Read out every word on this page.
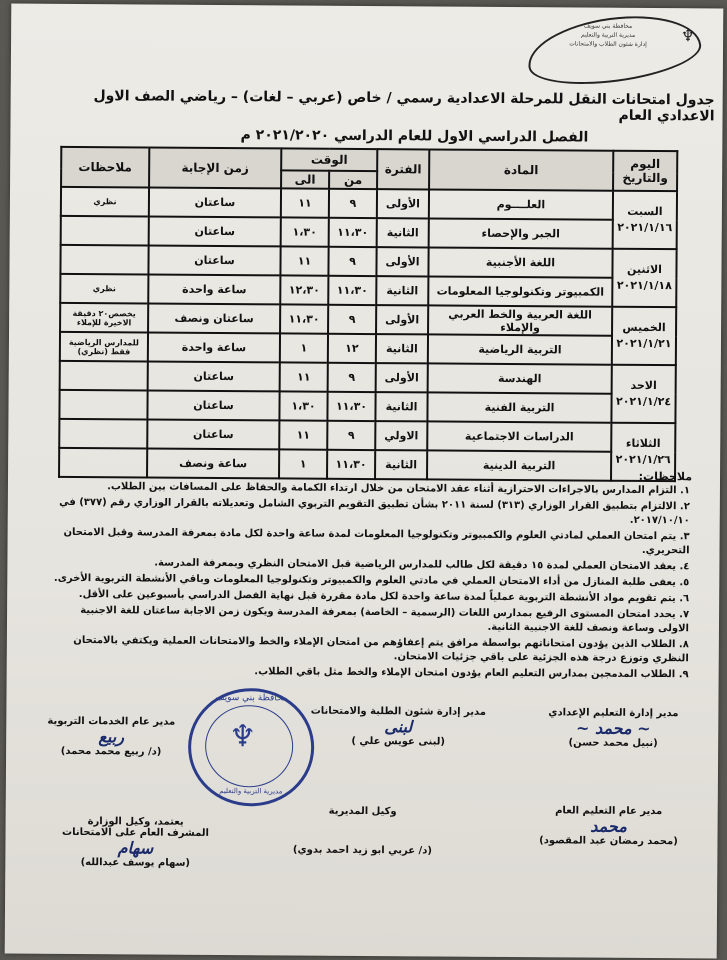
♆
محافظة بني سويف
مديرية التربية والتعليم
إدارة شئون الطلاب والامتحانات
جدول امتحانات النقل للمرحلة الاعدادية رسمي / خاص (عربي – لغات) – رياضي الصف الاول الاعدادي العام
الفصل الدراسي الاول للعام الدراسي ٢٠٢١/٢٠٢٠ م
اليوم والتاريخ	المادة	الفترة	الوقت		زمن الإجابة	ملاحظات
			من	الى		

السبت
٢٠٢١/١/١٦	العلــــوم	الأولى	٩	١١	ساعتان	نظري
	الجبر والإحصاء	الثانية	١١،٣٠	١،٣٠	ساعتان	

الاثنين
٢٠٢١/١/١٨	اللغة الأجنبية	الأولى	٩	١١	ساعتان	
	الكمبيوتر وتكنولوجيا المعلومات	الثانية	١١،٣٠	١٢،٣٠	ساعة واحدة	نظري

الخميس
٢٠٢١/١/٢١	اللغة العربية والخط العربي والإملاء	الأولى	٩	١١،٣٠	ساعتان ونصف	يخصص٢٠ دقيقة الاخيرة للإملاء
	التربية الرياضية	الثانية	١٢	١	ساعة واحدة	للمدارس الرياضية فقط (نظري)

الاحد
٢٠٢١/١/٢٤	الهندسة	الأولى	٩	١١	ساعتان	
	التربية الفنية	الثانية	١١،٣٠	١،٣٠	ساعتان	

الثلاثاء
٢٠٢١/١/٢٦	الدراسات الاجتماعية	الاولي	٩	١١	ساعتان	
	التربية الدينية	الثانية	١١،٣٠	١	ساعة ونصف	
ملاحظات:
١. التزام المدارس بالاجراءات الاحترازية أثناء عقد الامتحان من خلال ارتداء الكمامة والحفاظ على المسافات بين الطلاب.
٢. الالتزام بتطبيق القرار الوزاري (٣١٣) لسنة ٢٠١١ بشأن تطبيق التقويم التربوي الشامل وتعديلاته بالقرار الوزاري رقم (٣٧٧) في ٢٠١٧/١٠/١٠.
٣. يتم امتحان العملي لمادتي العلوم والكمبيوتر وتكنولوجيا المعلومات لمدة ساعة واحدة لكل مادة بمعرفة المدرسة وقبل الامتحان التحريري.
٤. يعقد الامتحان العملي لمدة ١٥ دقيقة لكل طالب للمدارس الرياضية قبل الامتحان النظري وبمعرفة المدرسة.
٥. يعفى طلبة المنازل من أداء الامتحان العملي في مادتي العلوم والكمبيوتر وتكنولوجيا المعلومات وباقي الأنشطة التربوية الأخرى.
٦. يتم تقويم مواد الأنشطة التربوية عملياً لمدة ساعة واحدة لكل مادة مقررة قبل نهاية الفصل الدراسي بأسبوعين على الأقل.
٧. يحدد امتحان المستوى الرفيع بمدارس اللغات (الرسمية – الخاصة) بمعرفة المدرسة ويكون زمن الاجابة ساعتان للغة الاجنبية الاولى وساعة ونصف للغة الاجنبية الثانية.
٨. الطلاب الذين يؤدون امتحاناتهم بواسطة مرافق يتم إعفاؤهم من امتحان الإملاء والخط والامتحانات العملية ويكتفي بالامتحان النظري وتوزع درجة هذه الجزئية على باقي جزئيات الامتحان.
٩. الطلاب المدمجين بمدارس التعليم العام يؤدون امتحان الإملاء والخط مثل باقي الطلاب.
مدير إدارة التعليم الإعدادي
~ محمد ~
(نبيل محمد حسن)
مدير إدارة شئون الطلبة والامتحانات
لبنى
(لبنى عويس علي )
مدير عام الخدمات التربوية
ربيع
(د/ ربيع محمد محمد)
مدير عام التعليم العام
محمد
(محمد رمضان عبد المقصود)
وكيل المديرية
(د/ عربي ابو زيد احمد بدوي)
يعتمد، وكيل الوزارة
المشرف العام على الامتحانات
سهام
(سهام يوسف عبدالله)
محافظة بني سويف
♆
مديرية التربية والتعليم
